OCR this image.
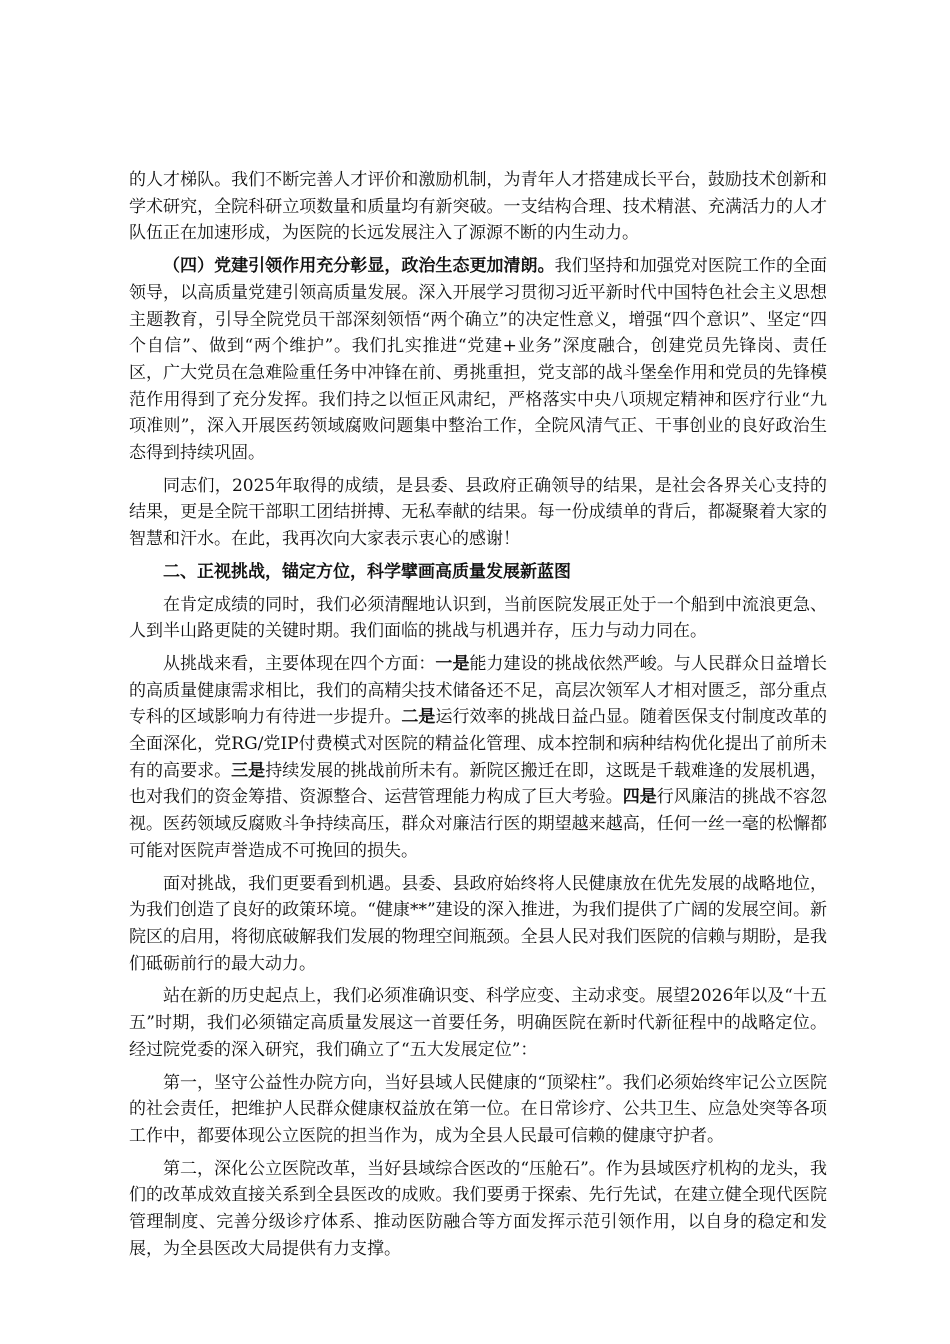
的人才梯队。我们不断完善人才评价和激励机制，为青年人才搭建成长平台，鼓励技术创新和学术研究，全院科研立项数量和质量均有新突破。一支结构合理、技术精湛、充满活力的人才队伍正在加速形成，为医院的长远发展注入了源源不断的内生动力。

（四）党建引领作用充分彰显，政治生态更加清朗。我们坚持和加强党对医院工作的全面领导，以高质量党建引领高质量发展。深入开展学习贯彻习近平新时代中国特色社会主义思想主题教育，引导全院党员干部深刻领悟“两个确立”的决定性意义，增强“四个意识”、坚定“四个自信”、做到“两个维护”。我们扎实推进“党建+业务”深度融合，创建党员先锋岗、责任区，广大党员在急难险重任务中冲锋在前、勇挑重担，党支部的战斗堡垒作用和党员的先锋模范作用得到了充分发挥。我们持之以恒正风肃纪，严格落实中央八项规定精神和医疗行业“九项准则”，深入开展医药领域腐败问题集中整治工作，全院风清气正、干事创业的良好政治生态得到持续巩固。

同志们，2025年取得的成绩，是县委、县政府正确领导的结果，是社会各界关心支持的结果，更是全院干部职工团结拼搏、无私奉献的结果。每一份成绩单的背后，都凝聚着大家的智慧和汗水。在此，我再次向大家表示衷心的感谢！

二、正视挑战，锚定方位，科学擘画高质量发展新蓝图

在肯定成绩的同时，我们必须清醒地认识到，当前医院发展正处于一个船到中流浪更急、人到半山路更陡的关键时期。我们面临的挑战与机遇并存，压力与动力同在。

从挑战来看，主要体现在四个方面：一是能力建设的挑战依然严峻。与人民群众日益增长的高质量健康需求相比，我们的高精尖技术储备还不足，高层次领军人才相对匮乏，部分重点专科的区域影响力有待进一步提升。二是运行效率的挑战日益凸显。随着医保支付制度改革的全面深化，党RG/党IP付费模式对医院的精益化管理、成本控制和病种结构优化提出了前所未有的高要求。三是持续发展的挑战前所未有。新院区搬迁在即，这既是千载难逢的发展机遇，也对我们的资金筹措、资源整合、运营管理能力构成了巨大考验。四是行风廉洁的挑战不容忽视。医药领域反腐败斗争持续高压，群众对廉洁行医的期望越来越高，任何一丝一毫的松懈都可能对医院声誉造成不可挽回的损失。

面对挑战，我们更要看到机遇。县委、县政府始终将人民健康放在优先发展的战略地位，为我们创造了良好的政策环境。“健康**”建设的深入推进，为我们提供了广阔的发展空间。新院区的启用，将彻底破解我们发展的物理空间瓶颈。全县人民对我们医院的信赖与期盼，是我们砥砺前行的最大动力。

站在新的历史起点上，我们必须准确识变、科学应变、主动求变。展望2026年以及“十五五”时期，我们必须锚定高质量发展这一首要任务，明确医院在新时代新征程中的战略定位。经过院党委的深入研究，我们确立了“五大发展定位”：

第一，坚守公益性办院方向，当好县域人民健康的“顶梁柱”。我们必须始终牢记公立医院的社会责任，把维护人民群众健康权益放在第一位。在日常诊疗、公共卫生、应急处突等各项工作中，都要体现公立医院的担当作为，成为全县人民最可信赖的健康守护者。

第二，深化公立医院改革，当好县域综合医改的“压舱石”。作为县域医疗机构的龙头，我们的改革成效直接关系到全县医改的成败。我们要勇于探索、先行先试，在建立健全现代医院管理制度、完善分级诊疗体系、推动医防融合等方面发挥示范引领作用，以自身的稳定和发展，为全县医改大局提供有力支撑。
